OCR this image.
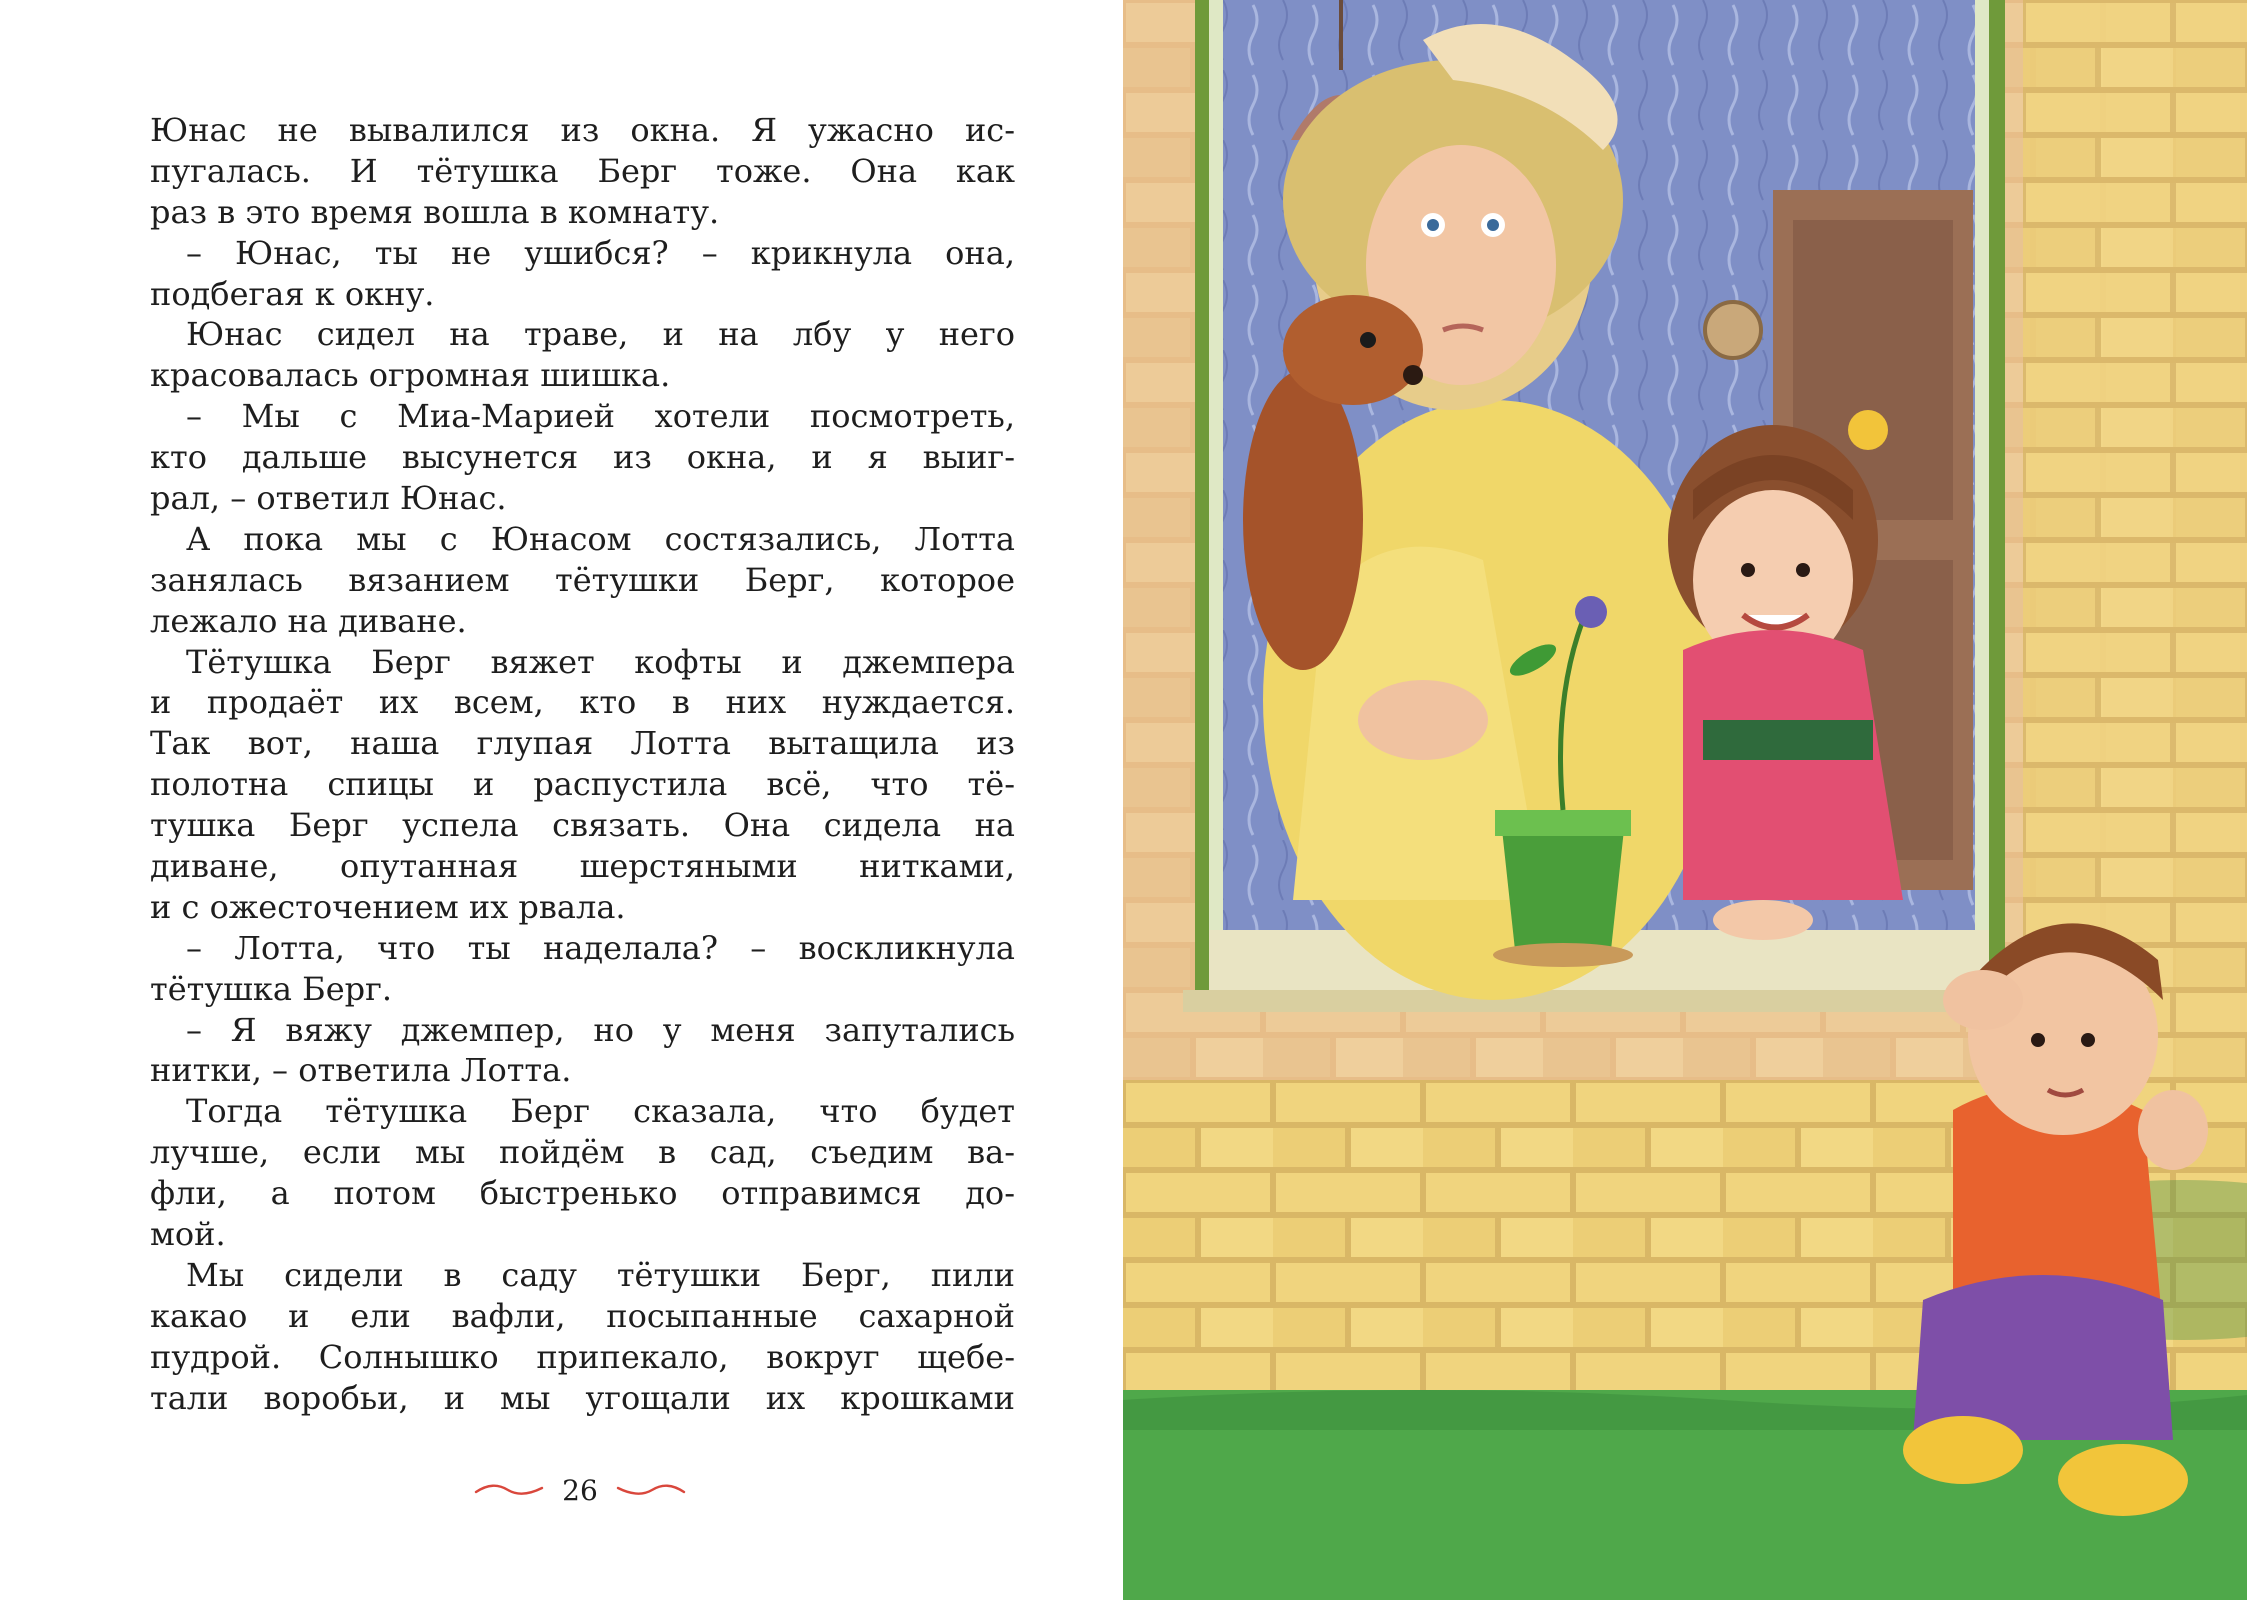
Юнас не вывалился из окна. Я ужасно ис-
пугалась. И тётушка Берг тоже. Она как
раз в это время вошла в комнату.
– Юнас, ты не ушибся? – крикнула она,
подбегая к окну.
Юнас сидел на траве, и на лбу у него
красовалась огромная шишка.
– Мы с Миа-Марией хотели посмотреть,
кто дальше высунется из окна, и я выиг-
рал, – ответил Юнас.
А пока мы с Юнасом состязались, Лотта
занялась вязанием тётушки Берг, которое
лежало на диване.
Тётушка Берг вяжет кофты и джемпера
и продаёт их всем, кто в них нуждается.
Так вот, наша глупая Лотта вытащила из
полотна спицы и распустила всё, что тё-
тушка Берг успела связать. Она сидела на
диване, опутанная шерстяными нитками,
и с ожесточением их рвала.
– Лотта, что ты наделала? – воскликнула
тётушка Берг.
– Я вяжу джемпер, но у меня запутались
нитки, – ответила Лотта.
Тогда тётушка Берг сказала, что будет
лучше, если мы пойдём в сад, съедим ва-
фли, а потом быстренько отправимся до-
мой.
Мы сидели в саду тётушки Берг, пили
какао и ели вафли, посыпанные сахарной
пудрой. Солнышко припекало, вокруг щебе-
тали воробьи, и мы угощали их крошками
26
